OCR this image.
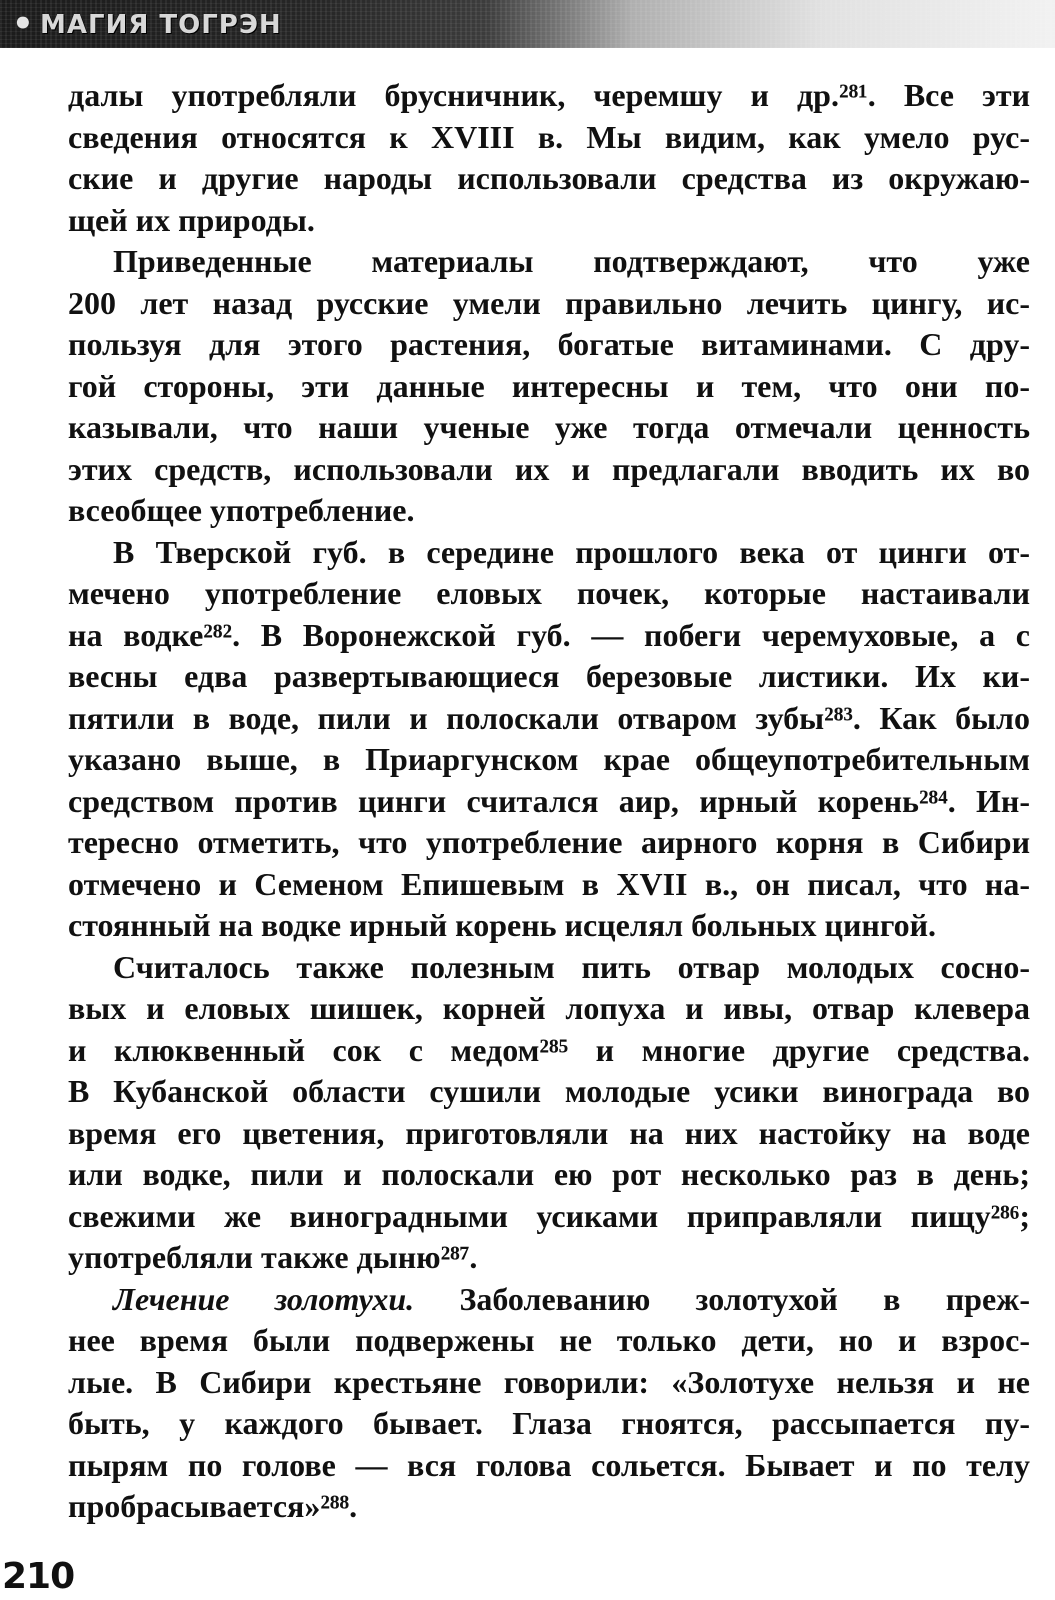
• МАГИЯ ТОГРЭН
далы употребляли брусничник, черемшу и др.²⁸¹. Все эти
сведения относятся к XVIII в. Мы видим, как умело рус-
ские и другие народы использовали средства из окружаю-
щей их природы.
Приведенные материалы подтверждают, что уже
200 лет назад русские умели правильно лечить цингу, ис-
пользуя для этого растения, богатые витаминами. С дру-
гой стороны, эти данные интересны и тем, что они по-
казывали, что наши ученые уже тогда отмечали ценность
этих средств, использовали их и предлагали вводить их во
всеобщее употребление.
В Тверской губ. в середине прошлого века от цинги от-
мечено употребление еловых почек, которые настаивали
на водке²⁸². В Воронежской губ. — побеги черемуховые, а с
весны едва развертывающиеся березовые листики. Их ки-
пятили в воде, пили и полоскали отваром зубы²⁸³. Как было
указано выше, в Приаргунском крае общеупотребительным
средством против цинги считался аир, ирный корень²⁸⁴. Ин-
тересно отметить, что употребление аирного корня в Сибири
отмечено и Семеном Епишевым в XVII в., он писал, что на-
стоянный на водке ирный корень исцелял больных цингой.
Считалось также полезным пить отвар молодых сосно-
вых и еловых шишек, корней лопуха и ивы, отвар клевера
и клюквенный сок с медом²⁸⁵ и многие другие средства.
В Кубанской области сушили молодые усики винограда во
время его цветения, приготовляли на них настойку на воде
или водке, пили и полоскали ею рот несколько раз в день;
свежими же виноградными усиками приправляли пищу²⁸⁶;
употребляли также дыню²⁸⁷.
Лечение золотухи. Заболеванию золотухой в преж-
нее время были подвержены не только дети, но и взрос-
лые. В Сибири крестьяне говорили: «Золотухе нельзя и не
быть, у каждого бывает. Глаза гноятся, рассыпается пу-
пырям по голове — вся голова сольется. Бывает и по телу
пробрасывается»²⁸⁸.
210
